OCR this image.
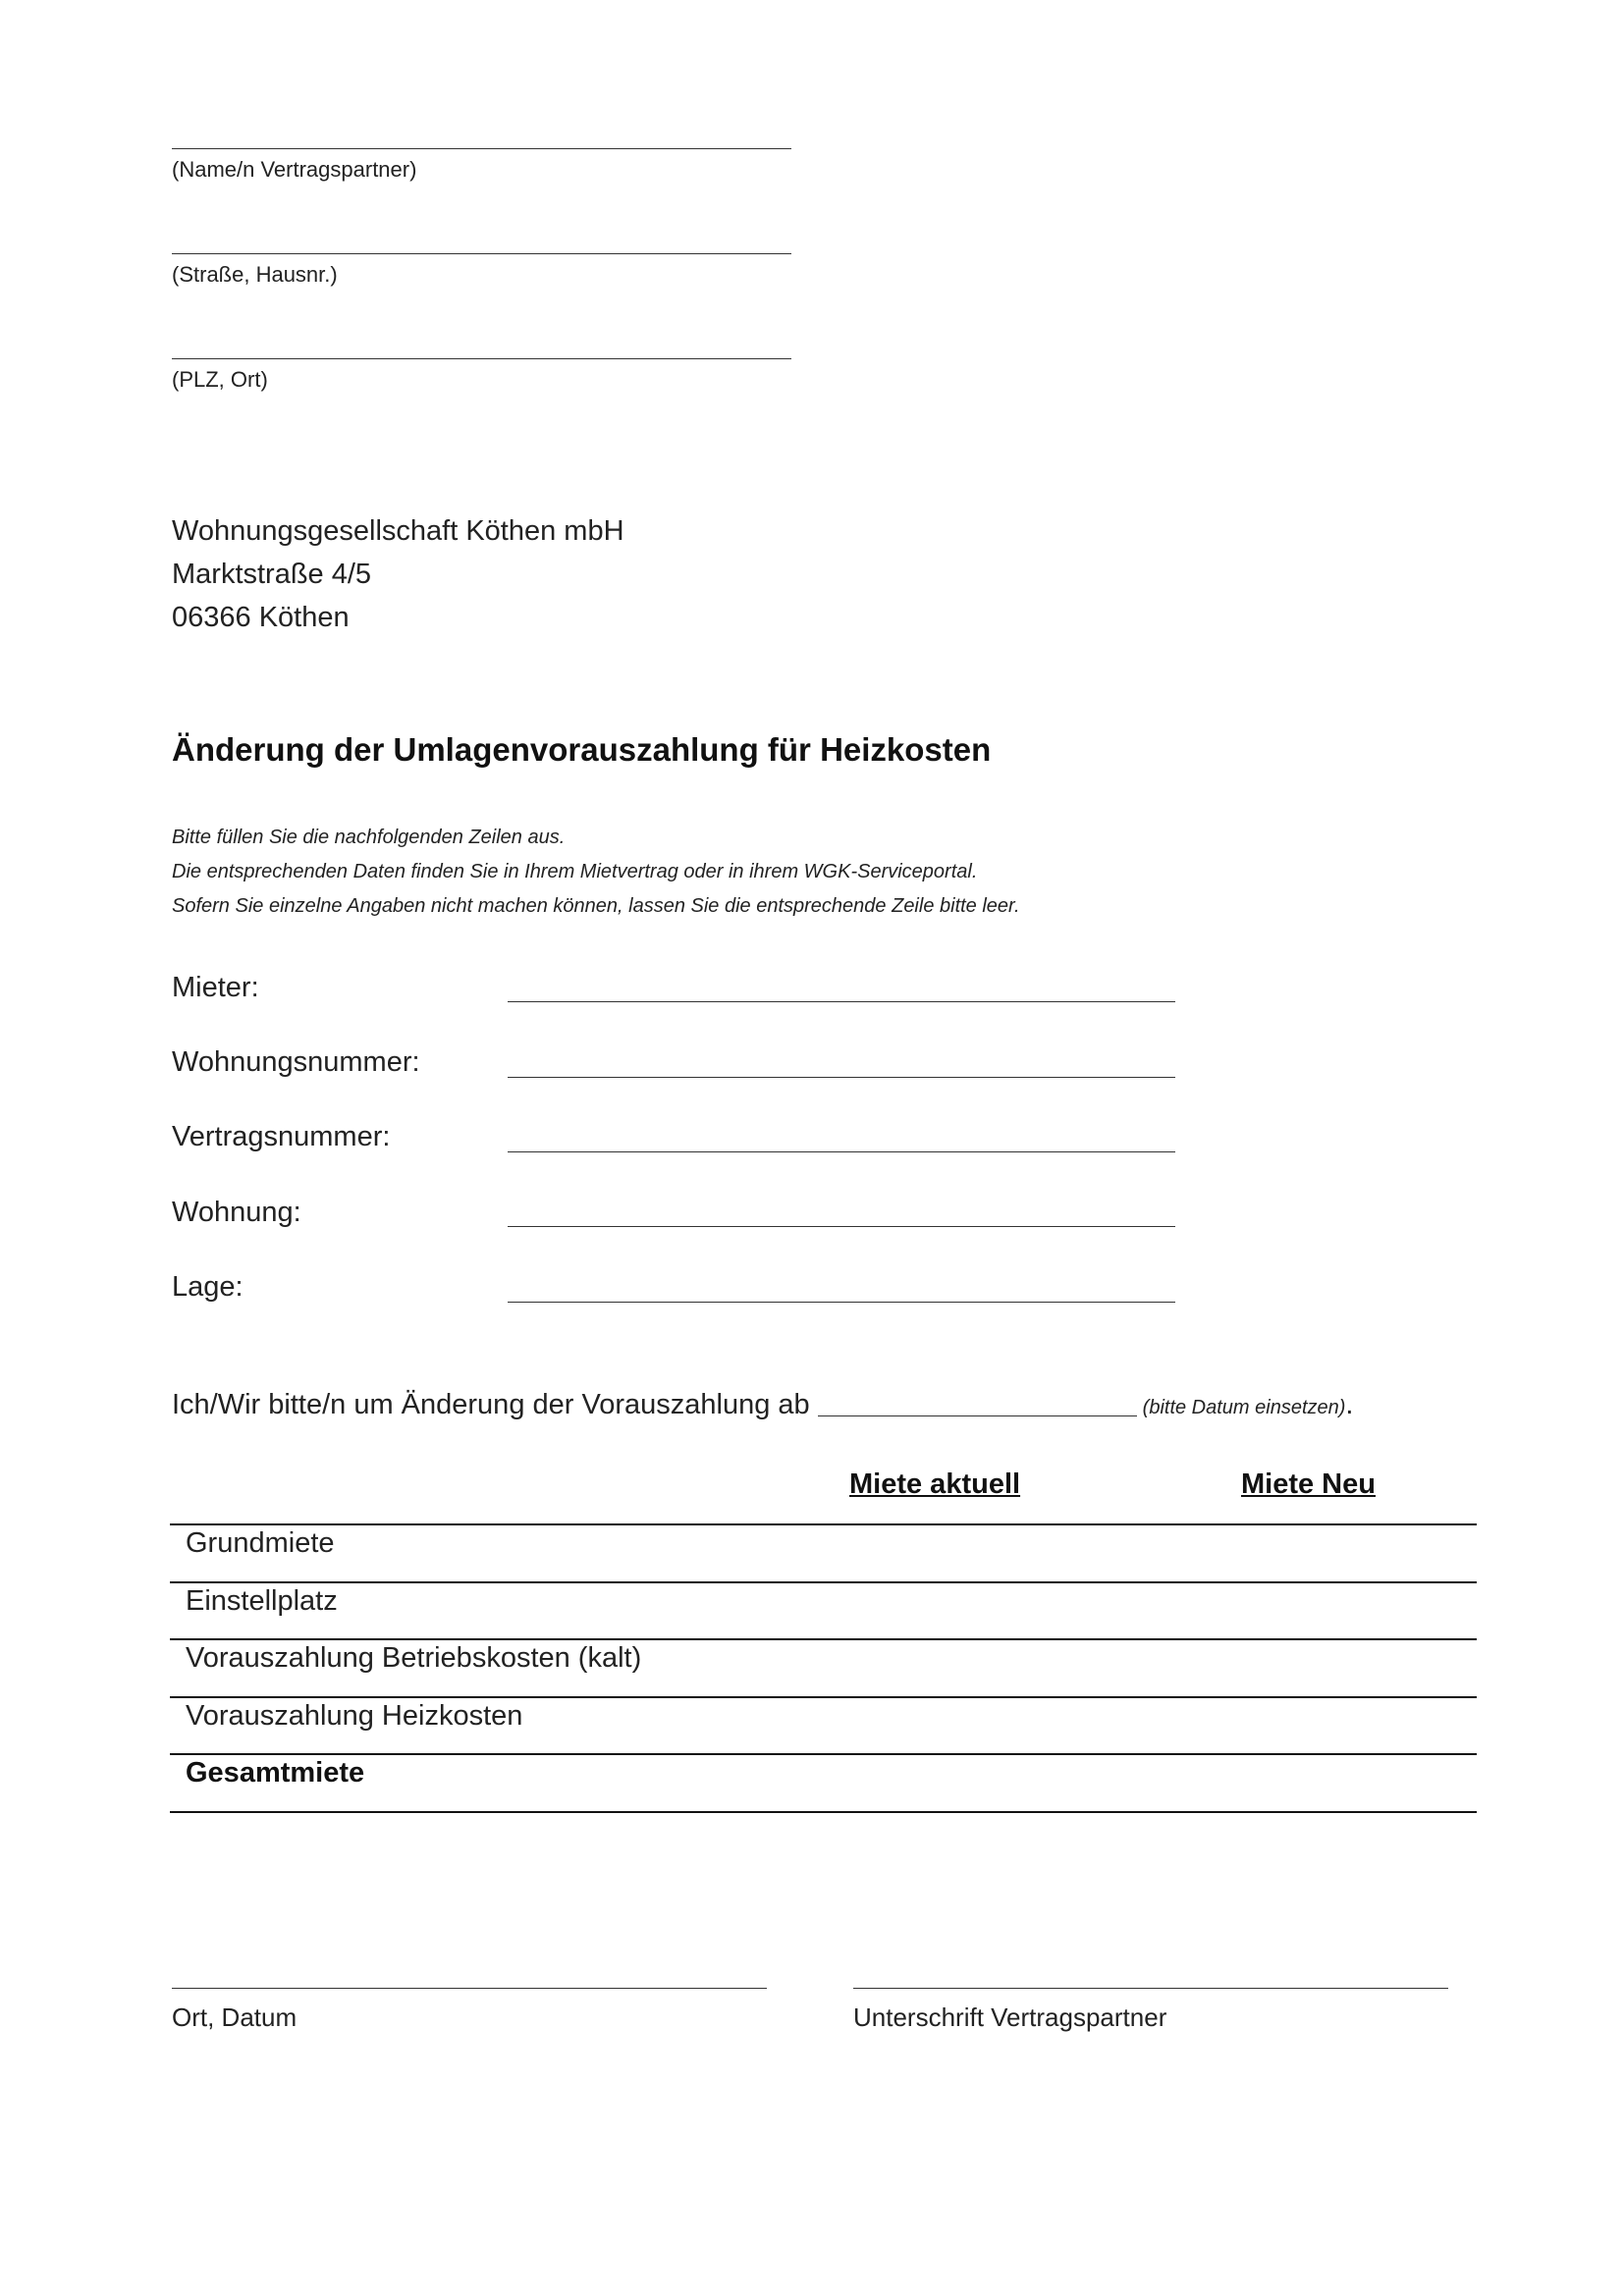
(Name/n Vertragspartner)
(Straße, Hausnr.)
(PLZ, Ort)
Wohnungsgesellschaft Köthen mbH
Marktstraße 4/5
06366 Köthen
Änderung der Umlagenvorauszahlung für Heizkosten
Bitte füllen Sie die nachfolgenden Zeilen aus.
Die entsprechenden Daten finden Sie in Ihrem Mietvertrag oder in ihrem WGK-Serviceportal.
Sofern Sie einzelne Angaben nicht machen können, lassen Sie die entsprechende Zeile bitte leer.
Mieter:
Wohnungsnummer:
Vertragsnummer:
Wohnung:
Lage:
Ich/Wir bitte/n um Änderung der Vorauszahlung ab	(bitte Datum einsetzen).
Miete aktuell	Miete Neu
Grundmiete
Einstellplatz
Vorauszahlung Betriebskosten (kalt)
Vorauszahlung Heizkosten
Gesamtmiete
Ort, Datum	Unterschrift Vertragspartner
